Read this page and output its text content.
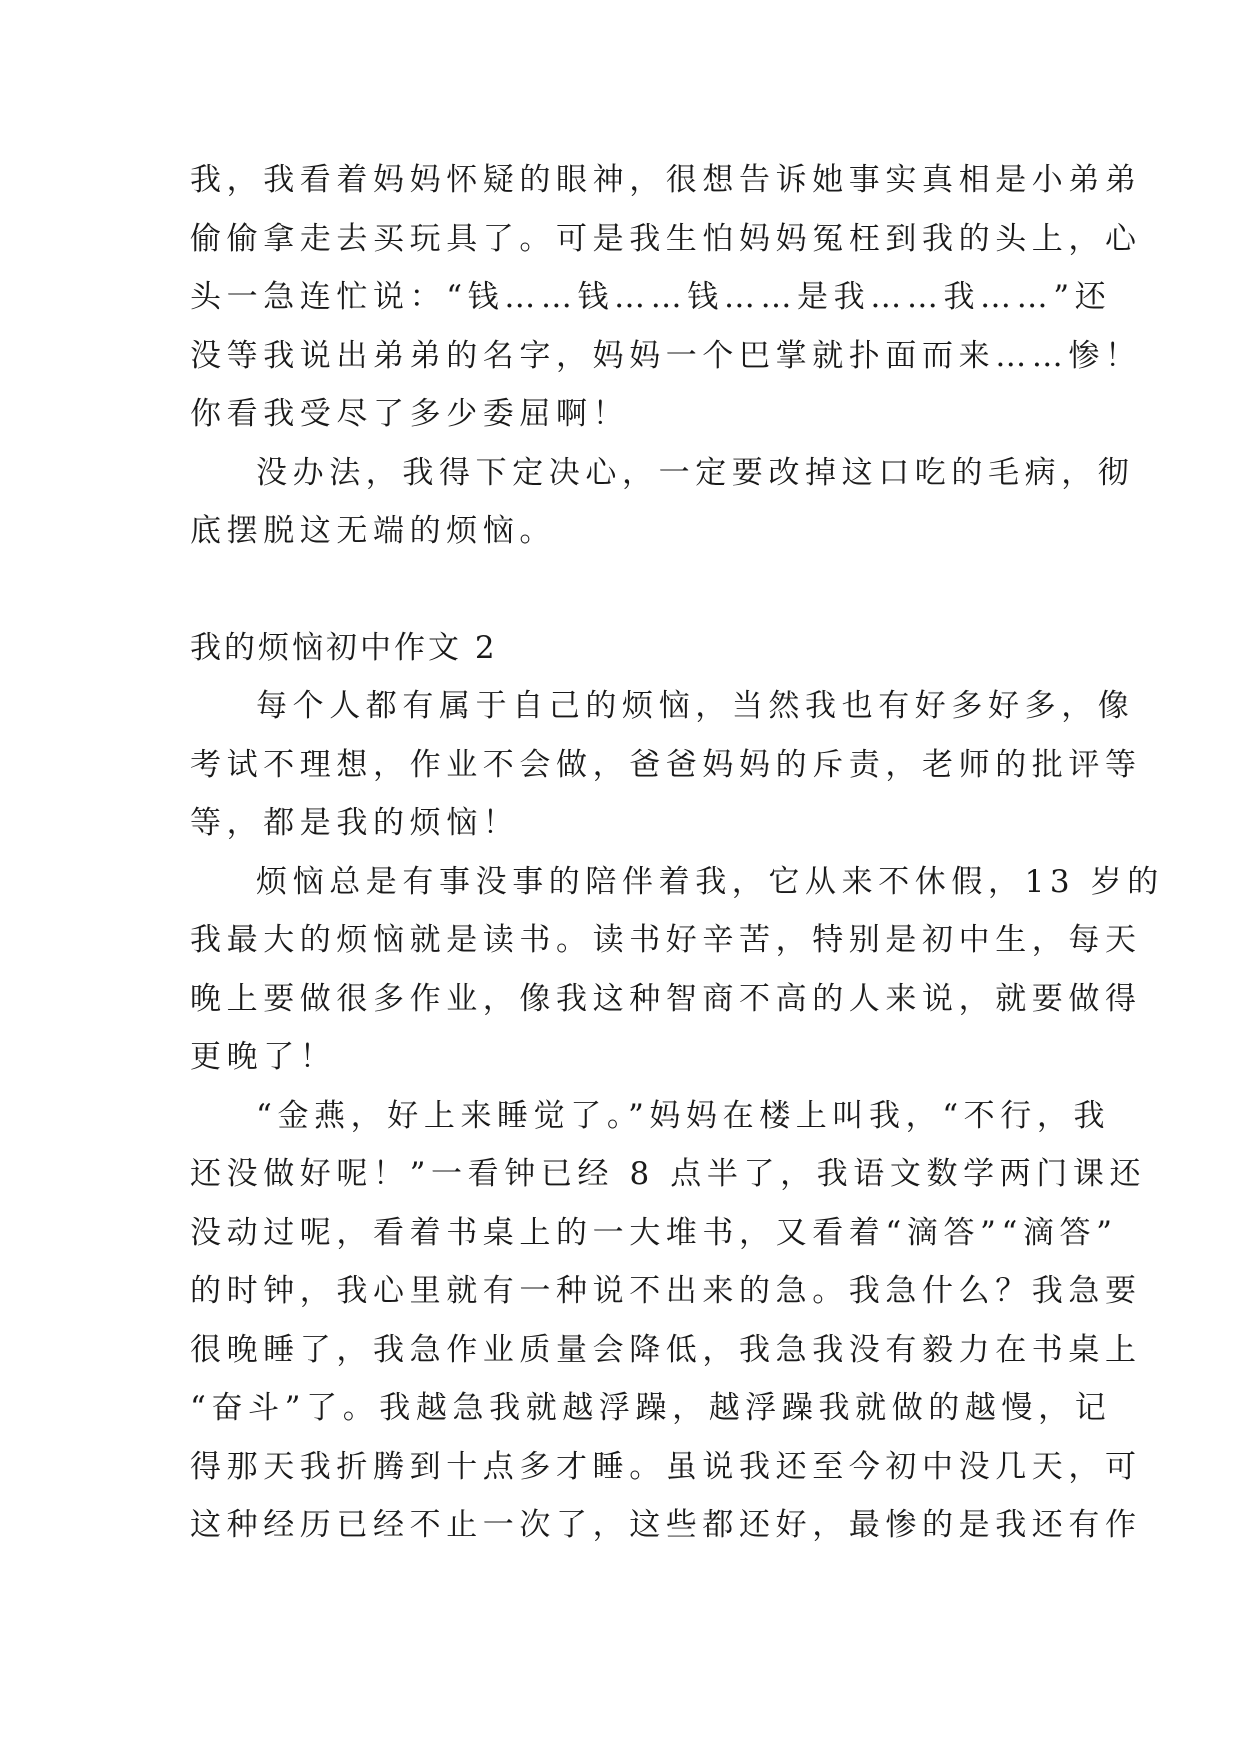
我，我看着妈妈怀疑的眼神，很想告诉她事实真相是小弟弟
偷偷拿走去买玩具了。可是我生怕妈妈冤枉到我的头上，心
头一急连忙说：“钱……钱……钱……是我……我……”还
没等我说出弟弟的名字，妈妈一个巴掌就扑面而来……惨！
你看我受尽了多少委屈啊！
没办法，我得下定决心，一定要改掉这口吃的毛病，彻
底摆脱这无端的烦恼。
我的烦恼初中作文 2
每个人都有属于自己的烦恼，当然我也有好多好多，像
考试不理想，作业不会做，爸爸妈妈的斥责，老师的批评等
等，都是我的烦恼！
烦恼总是有事没事的陪伴着我，它从来不休假，13 岁的
我最大的烦恼就是读书。读书好辛苦，特别是初中生，每天
晚上要做很多作业，像我这种智商不高的人来说，就要做得
更晚了！
“金燕，好上来睡觉了。”妈妈在楼上叫我，“不行，我
还没做好呢！”一看钟已经 8 点半了，我语文数学两门课还
没动过呢，看着书桌上的一大堆书，又看着“滴答”“滴答”
的时钟，我心里就有一种说不出来的急。我急什么？我急要
很晚睡了，我急作业质量会降低，我急我没有毅力在书桌上
“奋斗”了。我越急我就越浮躁，越浮躁我就做的越慢，记
得那天我折腾到十点多才睡。虽说我还至今初中没几天，可
这种经历已经不止一次了，这些都还好，最惨的是我还有作
